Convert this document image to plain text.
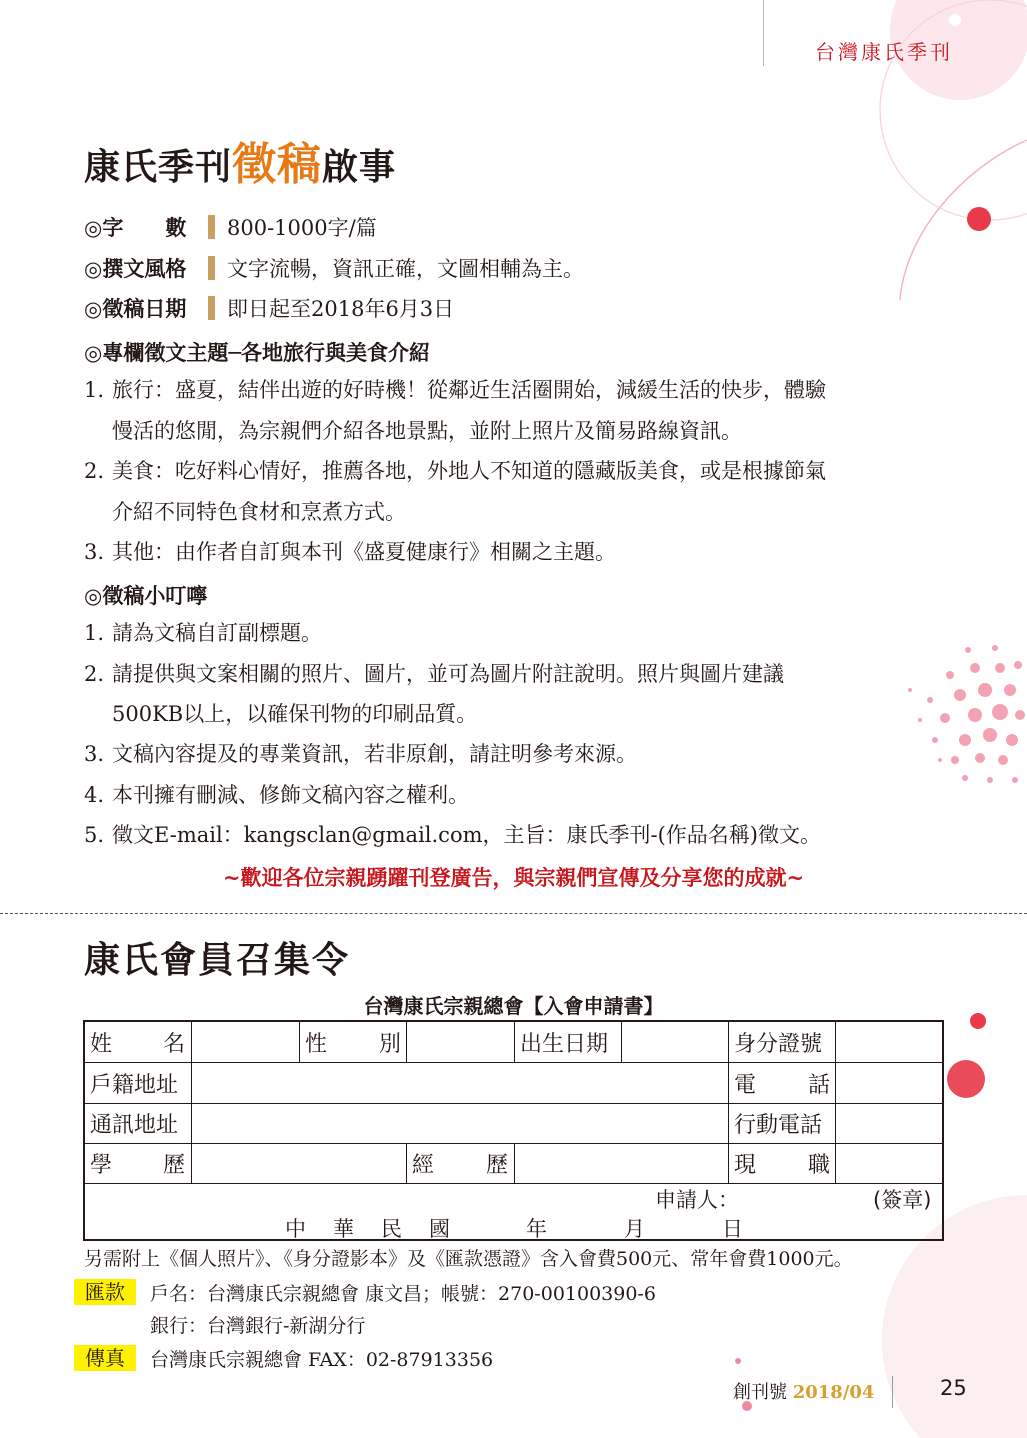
台灣康氏季刊
康氏季刊徵稿啟事
◎字　　數 800-1000字/篇
◎撰文風格 文字流暢，資訊正確，文圖相輔為主。
◎徵稿日期 即日起至2018年6月3日
◎專欄徵文主題─各地旅行與美食介紹
1. 旅行：盛夏，結伴出遊的好時機！從鄰近生活圈開始，減緩生活的快步，體驗
慢活的悠閒，為宗親們介紹各地景點，並附上照片及簡易路線資訊。
2. 美食：吃好料心情好，推薦各地，外地人不知道的隱藏版美食，或是根據節氣
介紹不同特色食材和烹煮方式。
3. 其他：由作者自訂與本刊《盛夏健康行》相關之主題。
◎徵稿小叮嚀
1. 請為文稿自訂副標題。
2. 請提供與文案相關的照片、圖片，並可為圖片附註說明。照片與圖片建議
500KB以上，以確保刊物的印刷品質。
3. 文稿內容提及的專業資訊，若非原創，請註明參考來源。
4. 本刊擁有刪減、修飾文稿內容之權利。
5. 徵文E-mail：kangsclan@gmail.com，主旨：康氏季刊-(作品名稱)徵文。
~歡迎各位宗親踴躍刊登廣告，與宗親們宣傳及分享您的成就~
康氏會員召集令
台灣康氏宗親總會【入會申請書】
姓 名	性 別	出生日期	身分證號
戶籍地址	電 話
通訊地址	行動電話
學 歷	經 歷	現 職
申請人：	(簽章)
中 華 民 國	年	月	日
另需附上《個人照片》、《身分證影本》及《匯款憑證》含入會費500元、常年會費1000元。
匯款	戶名：台灣康氏宗親總會 康文昌；帳號：270-00100390-6
銀行：台灣銀行-新湖分行
傳真	台灣康氏宗親總會 FAX：02-87913356
創刊號 2018/04	25
